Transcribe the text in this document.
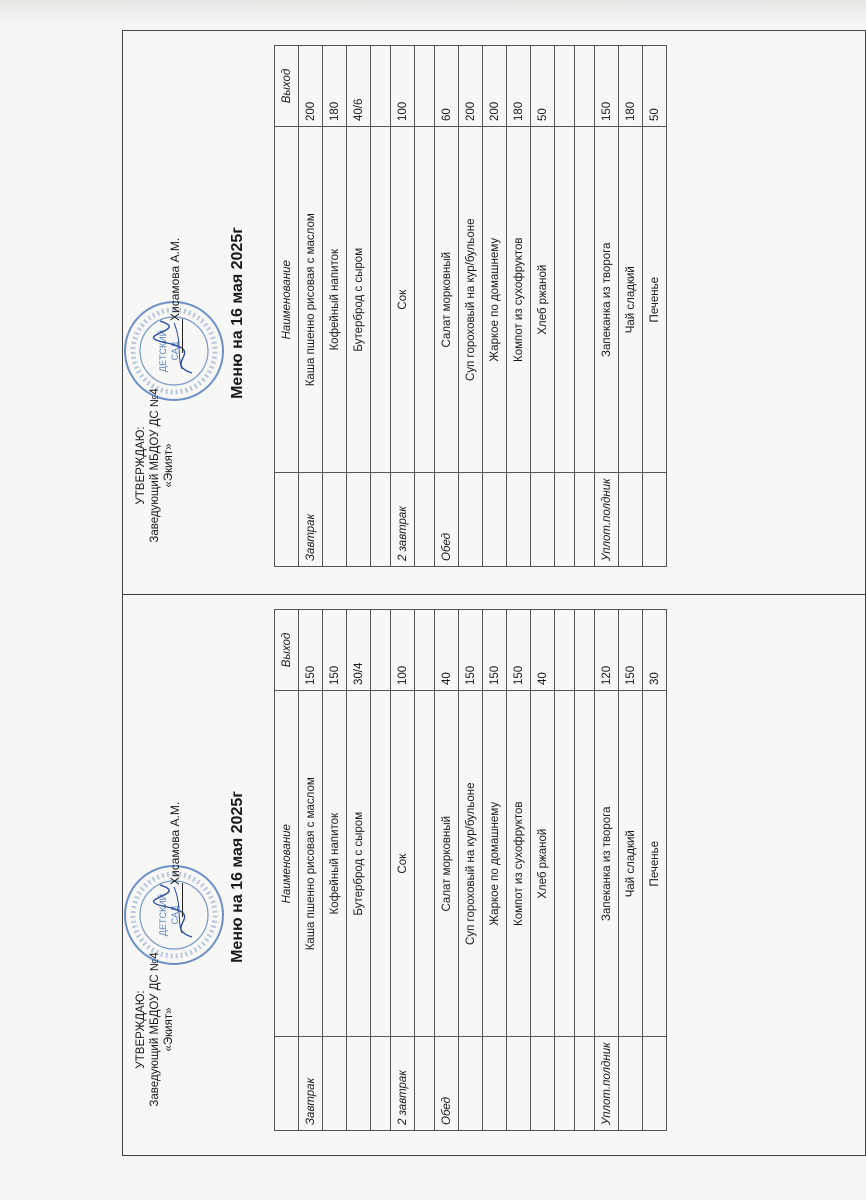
УТВЕРЖДАЮ: Заведующий МБДОУ ДС №4 «Экият»
ДЕТСКИЙ САД
Хисамова А.М.	Меню на 16 мая 2025г
		Наименование	Выход
Завтрак	Каша пшенно рисовая с маслом	200
	Кофейный напиток	180
	Бутерброд с сыром	40/6

2 завтрак	Сок	100

Обед	Салат морковный	60
	Суп гороховый на кур/бульоне	200
	Жаркое по домашнему	200
	Компот из сухофруктов	180
	Хлеб ржаной	50

Уплот.полдник	Запеканка из творога	150
	Чай сладкий	180
	Печенье	50
УТВЕРЖДАЮ: Заведующий МБДОУ ДС №4 «Экият»
ДЕТСКИЙ САД
Хисамова А.М.	Меню на 16 мая 2025г
		Наименование	Выход
Завтрак	Каша пшенно рисовая с маслом	150
	Кофейный напиток	150
	Бутерброд с сыром	30/4

2 завтрак	Сок	100

Обед	Салат морковный	40
	Суп гороховый на кур/бульоне	150
	Жаркое по домашнему	150
	Компот из сухофруктов	150
	Хлеб ржаной	40

Уплот.полдник	Запеканка из творога	120
	Чай сладкий	150
	Печенье	30
